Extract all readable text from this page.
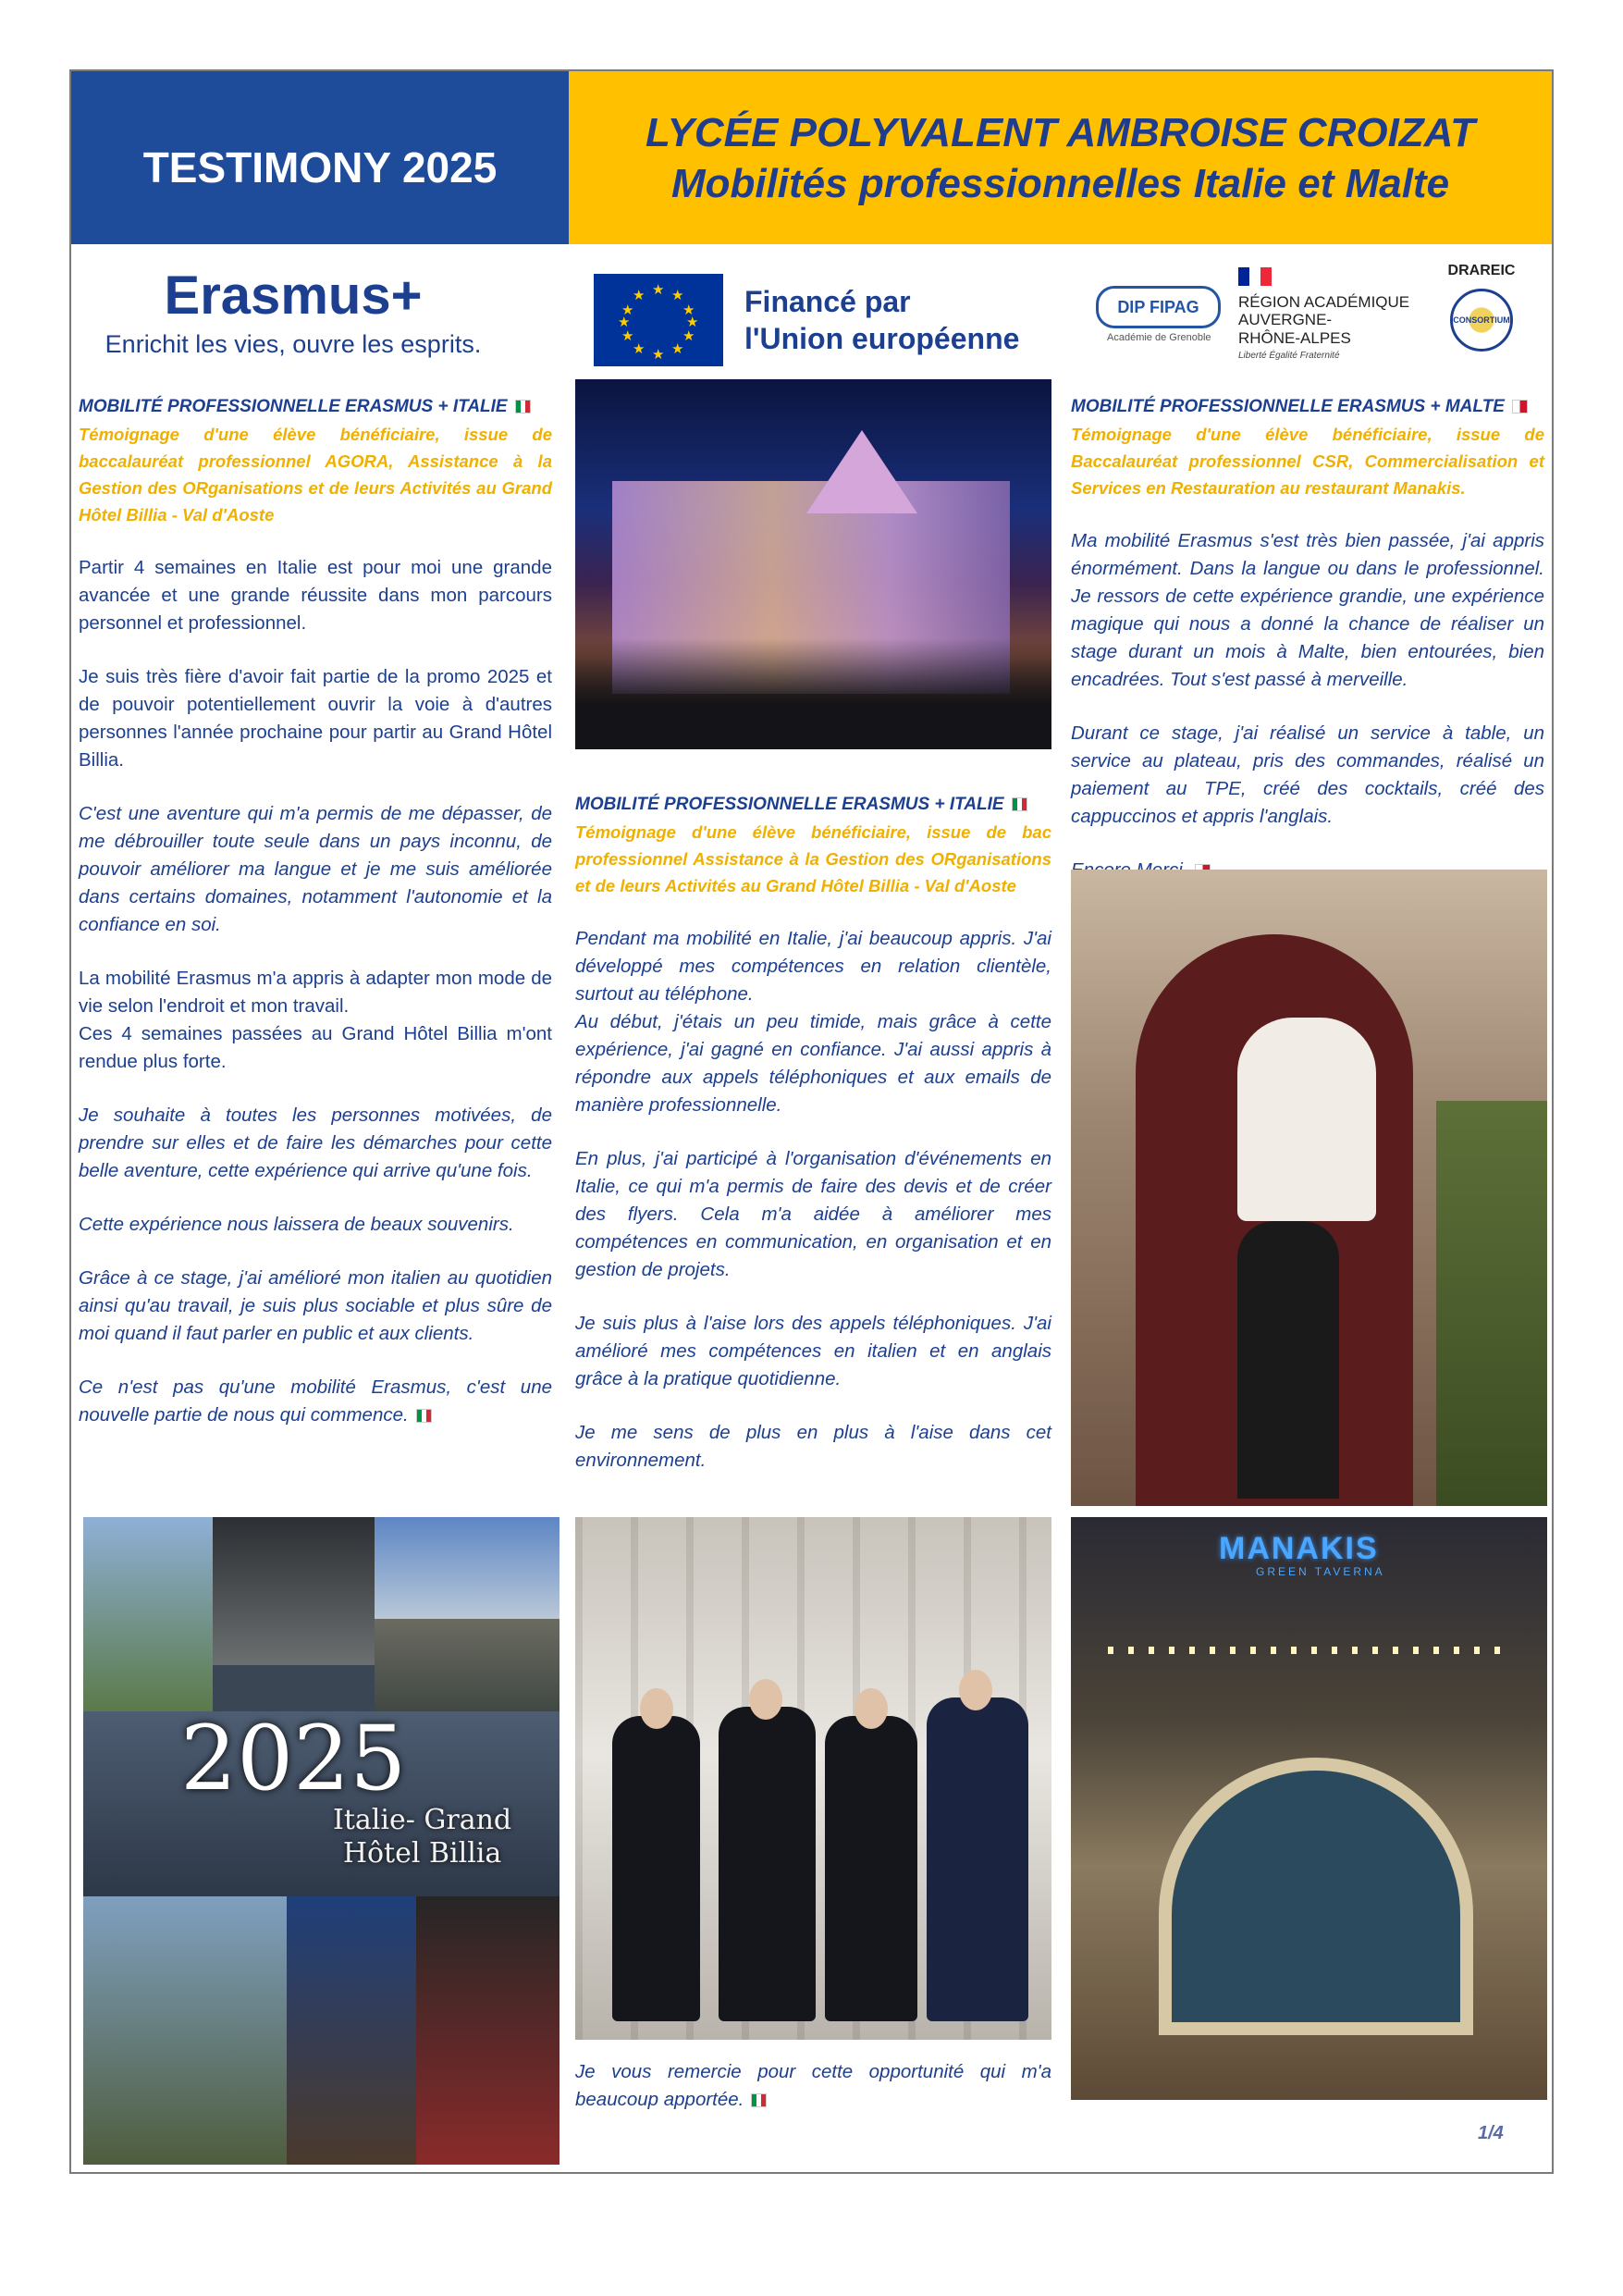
TESTIMONY 2025
LYCÉE POLYVALENT AMBROISE CROIZAT
Mobilités professionnelles Italie et Malte
Erasmus+
Enrichit les vies, ouvre les esprits.
★ ★
★
★
★
★
★
★
★
★
★
★	Financé par
l'Union européenne
DIP FIPAG
Académie de Grenoble
RÉGION ACADÉMIQUE
AUVERGNE-
RHÔNE-ALPES
Liberté Égalité Fraternité
DRAREIC
CONSORTIUM
MOBILITÉ PROFESSIONNELLE ERASMUS + ITALIE
Témoignage d'une élève bénéficiaire, issue de baccalauréat professionnel AGORA, Assistance à la Gestion des ORganisations et de leurs Activités au Grand Hôtel Billia - Val d'Aoste

Partir 4 semaines en Italie est pour moi une grande avancée et une grande réussite dans mon parcours personnel et professionnel.

Je suis très fière d'avoir fait partie de la promo 2025 et de pouvoir potentiellement ouvrir la voie à d'autres personnes l'année prochaine pour partir au Grand Hôtel Billia.

C'est une aventure qui m'a permis de me dépasser, de me débrouiller toute seule dans un pays inconnu, de pouvoir améliorer ma langue et je me suis améliorée dans certains domaines, notamment l'autonomie et la confiance en soi.

La mobilité Erasmus m'a appris à adapter mon mode de vie selon l'endroit et mon travail.
Ces 4 semaines passées au Grand Hôtel Billia m'ont rendue plus forte.

Je souhaite à toutes les personnes motivées, de prendre sur elles et de faire les démarches pour cette belle aventure, cette expérience qui arrive qu'une fois.

Cette expérience nous laissera de beaux souvenirs.

Grâce à ce stage, j'ai amélioré mon italien au quotidien ainsi qu'au travail, je suis plus sociable et plus sûre de moi quand il faut parler en public et aux clients.

Ce n'est pas qu'une mobilité Erasmus, c'est une nouvelle partie de nous qui commence.

MOBILITÉ PROFESSIONNELLE ERASMUS + ITALIE
Témoignage d'une élève bénéficiaire, issue de bac professionnel Assistance à la Gestion des ORganisations et de leurs Activités au Grand Hôtel Billia - Val d'Aoste

Pendant ma mobilité en Italie, j'ai beaucoup appris. J'ai développé mes compétences en relation clientèle, surtout au téléphone.
Au début, j'étais un peu timide, mais grâce à cette expérience, j'ai gagné en confiance. J'ai aussi appris à répondre aux appels téléphoniques et aux emails de manière professionnelle.

En plus, j'ai participé à l'organisation d'événements en Italie, ce qui m'a permis de faire des devis et de créer des flyers. Cela m'a aidée à améliorer mes compétences en communication, en organisation et en gestion de projets.

Je suis plus à l'aise lors des appels téléphoniques. J'ai amélioré mes compétences en italien et en anglais grâce à la pratique quotidienne.

Je me sens de plus en plus à l'aise dans cet environnement.

MOBILITÉ PROFESSIONNELLE ERASMUS + MALTE
Témoignage d'une élève bénéficiaire, issue de Baccalauréat professionnel CSR, Commercialisation et Services en Restauration au restaurant Manakis.

Ma mobilité Erasmus s'est très bien passée, j'ai appris énormément. Dans la langue ou dans le professionnel. Je ressors de cette expérience grandie, une expérience magique qui nous a donné la chance de réaliser un stage durant un mois à Malte, bien entourées, bien encadrées. Tout s'est passé à merveille.

Durant ce stage, j'ai réalisé un service à table, un service au plateau, pris des commandes, réalisé un paiement au TPE, créé des cocktails, créé des cappuccinos et appris l'anglais.

2025
Italie- Grand
Hôtel Billia
MANAKIS
GREEN TAVERNA
Je vous remercie pour cette opportunité qui m'a beaucoup apportée.
1/4
